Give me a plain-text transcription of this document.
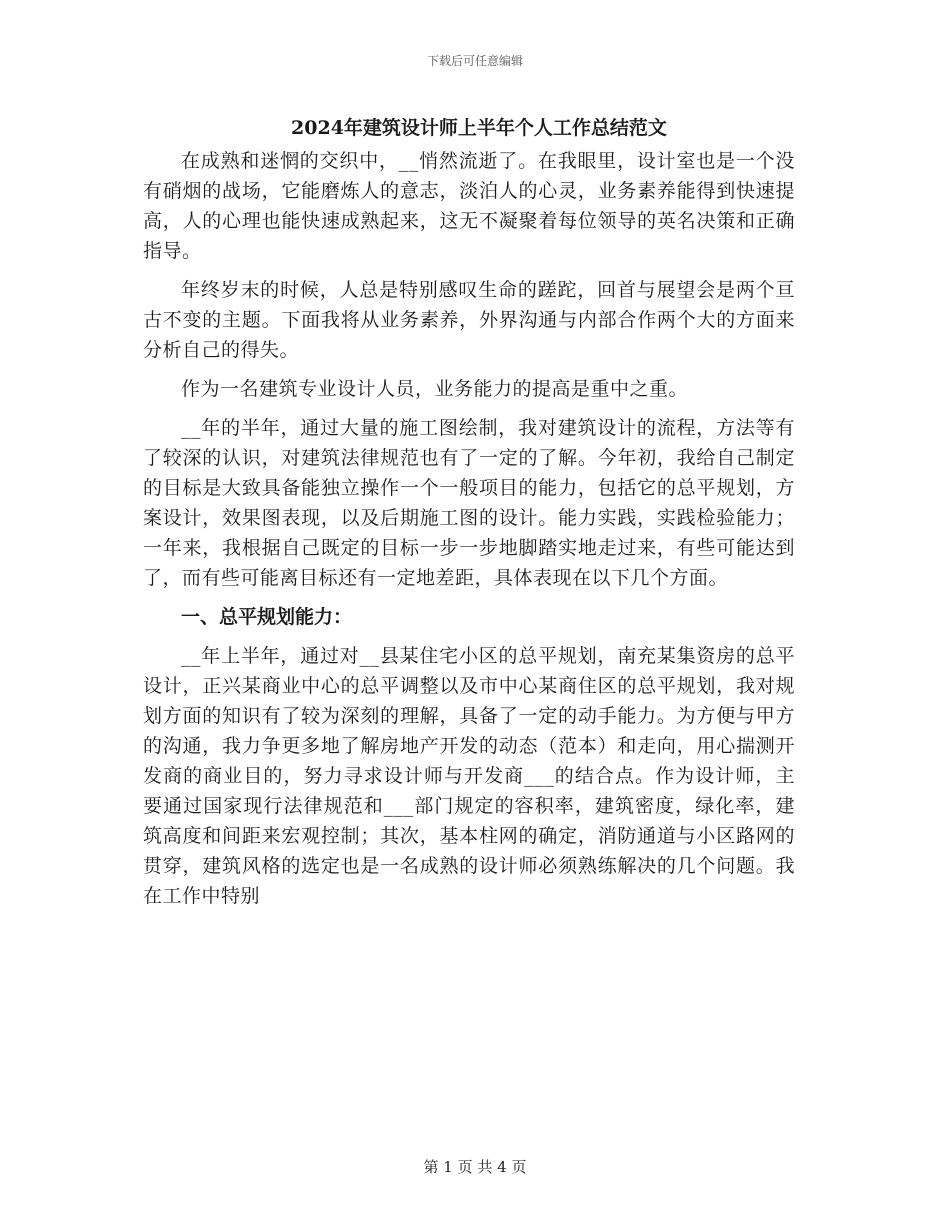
下载后可任意编辑
2024年建筑设计师上半年个人工作总结范文

在成熟和迷惘的交织中，__悄然流逝了。在我眼里，设计室也是一个没有硝烟的战场，它能磨炼人的意志，淡泊人的心灵，业务素养能得到快速提高，人的心理也能快速成熟起来，这无不凝聚着每位领导的英名决策和正确指导。

年终岁末的时候，人总是特别感叹生命的蹉跎，回首与展望会是两个亘古不变的主题。下面我将从业务素养，外界沟通与内部合作两个大的方面来分析自己的得失。

作为一名建筑专业设计人员，业务能力的提高是重中之重。

__年的半年，通过大量的施工图绘制，我对建筑设计的流程，方法等有了较深的认识，对建筑法律规范也有了一定的了解。今年初，我给自己制定的目标是大致具备能独立操作一个一般项目的能力，包括它的总平规划，方案设计，效果图表现，以及后期施工图的设计。能力实践，实践检验能力；一年来，我根据自己既定的目标一步一步地脚踏实地走过来，有些可能达到了，而有些可能离目标还有一定地差距，具体表现在以下几个方面。

一、总平规划能力：

__年上半年，通过对__县某住宅小区的总平规划，南充某集资房的总平设计，正兴某商业中心的总平调整以及市中心某商住区的总平规划，我对规划方面的知识有了较为深刻的理解，具备了一定的动手能力。为方便与甲方的沟通，我力争更多地了解房地产开发的动态（范本）和走向，用心揣测开发商的商业目的，努力寻求设计师与开发商___的结合点。作为设计师，主要通过国家现行法律规范和___部门规定的容积率，建筑密度，绿化率，建筑高度和间距来宏观控制；其次，基本柱网的确定，消防通道与小区路网的贯穿，建筑风格的选定也是一名成熟的设计师必须熟练解决的几个问题。我在工作中特别

第 1 页 共 4 页
